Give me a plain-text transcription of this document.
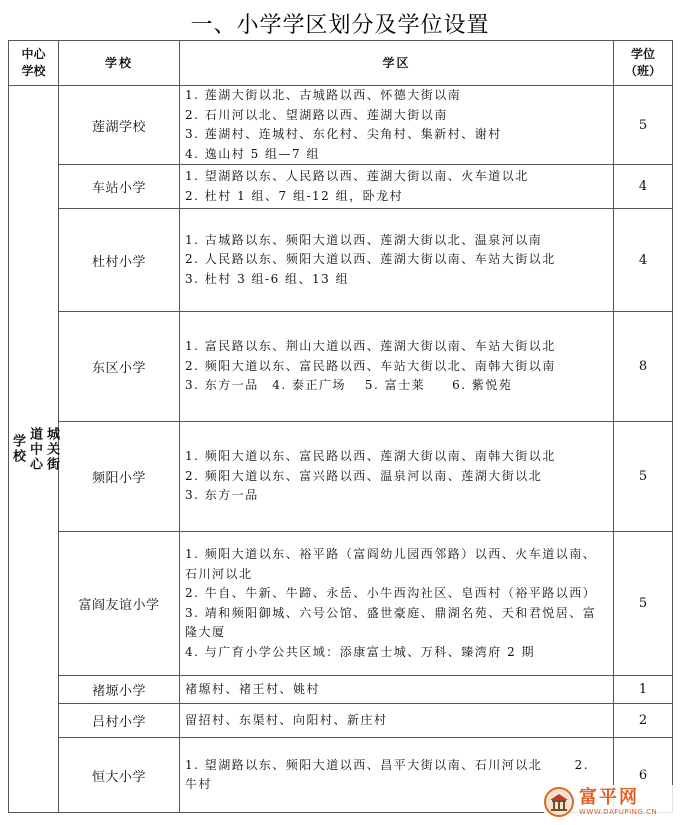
一、小学学区划分及学位设置
中心学校	学校	学区	学位（班）

城关街道中心学校	莲湖学校	1. 莲湖大街以北、古城路以西、怀德大街以南
2. 石川河以北、望湖路以西、莲湖大街以南
3. 莲湖村、连城村、东化村、尖角村、集新村、谢村
4. 逸山村 5 组—7 组	5
	车站小学	1. 望湖路以东、人民路以西、莲湖大街以南、火车道以北
2. 杜村 1 组、7 组-12 组，卧龙村	4
	杜村小学	1. 古城路以东、频阳大道以西、莲湖大街以北、温泉河以南
2. 人民路以东、频阳大道以西、莲湖大街以南、车站大街以北
3. 杜村 3 组-6 组、13 组	4
	东区小学	1. 富民路以东、荆山大道以西、莲湖大街以南、车站大街以北
2. 频阳大道以东、富民路以西、车站大街以北、南韩大街以南
3. 东方一品　4. 泰正广场　 5. 富士莱　　6. 紫悦苑	8
	频阳小学	1. 频阳大道以东、富民路以西、莲湖大街以南、南韩大街以北
2. 频阳大道以东、富兴路以西、温泉河以南、莲湖大街以北　　　　3. 东方一品	5
	富阎友谊小学	1. 频阳大道以东、裕平路（富阎幼儿园西邻路）以西、火车道以南、石川河以北
2. 牛自、牛新、牛蹄、永岳、小牛西沟社区、皂西村（裕平路以西）
3. 靖和频阳御城、六号公馆、盛世豪庭、鼎湖名苑、天和君悦居、富隆大厦
4. 与广育小学公共区域：添康富士城、万科、臻湾府 2 期	5
	褚塬小学	褚塬村、褚王村、姚村	1
	吕村小学	留招村、东渠村、向阳村、新庄村	2
	恒大小学	1. 望湖路以东、频阳大道以西、昌平大街以南、石川河以北　　 2. 牛村	6
富平网
WWW.DAFUPING.CN
